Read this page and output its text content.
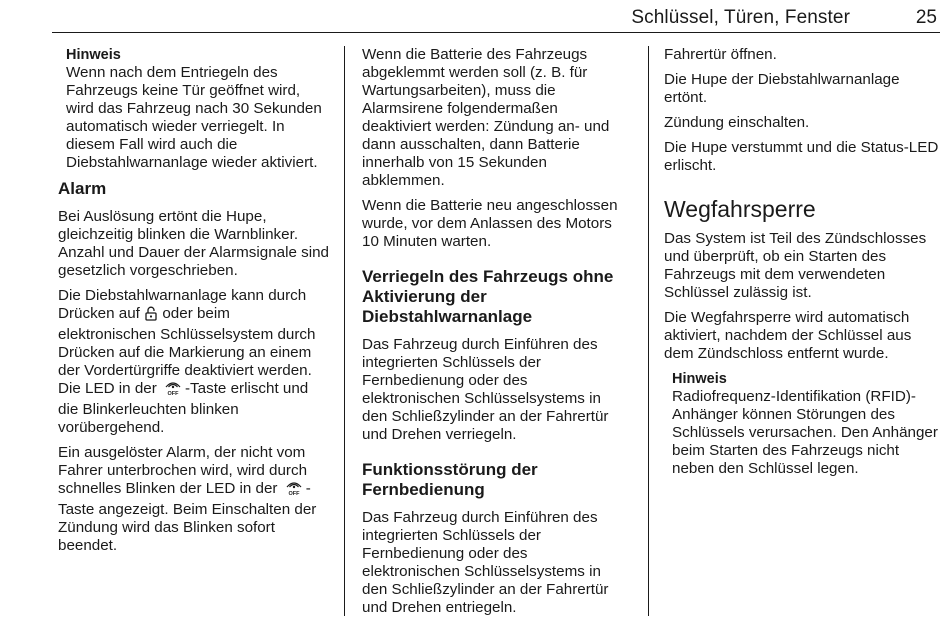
Schlüssel, Türen, Fenster	25
Hinweis

Wenn nach dem Entriegeln des Fahrzeugs keine Tür geöffnet wird, wird das Fahrzeug nach 30 Sekunden automatisch wieder verriegelt. In diesem Fall wird auch die Diebstahlwarnanlage wieder aktiviert.

Alarm

Bei Auslösung ertönt die Hupe, gleichzeitig blinken die Warnblinker. Anzahl und Dauer der Alarmsignale sind gesetzlich vorgeschrieben.

Die Diebstahlwarnanlage kann durch Drücken auf oder beim elektronischen Schlüsselsystem durch Drücken auf die Markierung an einem der Vordertürgriffe deaktiviert werden. Die LED in der OFF -Taste erlischt und die Blinkerleuchten blinken vorübergehend.

Ein ausgelöster Alarm, der nicht vom Fahrer unterbrochen wird, wird durch schnelles Blinken der LED in der OFF -Taste angezeigt. Beim Einschalten der Zündung wird das Blinken sofort beendet.

Wenn die Batterie des Fahrzeugs abgeklemmt werden soll (z. B. für Wartungsarbeiten), muss die Alarmsirene folgendermaßen deaktiviert werden: Zündung an- und dann ausschalten, dann Batterie innerhalb von 15 Sekunden abklemmen.

Wenn die Batterie neu angeschlossen wurde, vor dem Anlassen des Motors 10 Minuten warten.

Verriegeln des Fahrzeugs ohne Aktivierung der Diebstahlwarnanlage

Das Fahrzeug durch Einführen des integrierten Schlüssels der Fernbedienung oder des elektronischen Schlüsselsystems in den Schließzylinder an der Fahrertür und Drehen verriegeln.

Funktionsstörung der Fernbedienung

Das Fahrzeug durch Einführen des integrierten Schlüssels der Fernbedienung oder des elektronischen Schlüsselsystems in den Schließzylinder an der Fahrertür und Drehen entriegeln.

Fahrertür öffnen.

Die Hupe der Diebstahlwarnanlage ertönt.

Zündung einschalten.

Die Hupe verstummt und die Status-LED erlischt.

Wegfahrsperre

Das System ist Teil des Zündschlosses und überprüft, ob ein Starten des Fahrzeugs mit dem verwendeten Schlüssel zulässig ist.

Die Wegfahrsperre wird automatisch aktiviert, nachdem der Schlüssel aus dem Zündschloss entfernt wurde.

Hinweis

Radiofrequenz-Identifikation (RFID)-Anhänger können Störungen des Schlüssels verursachen. Den Anhänger beim Starten des Fahrzeugs nicht neben den Schlüssel legen.
